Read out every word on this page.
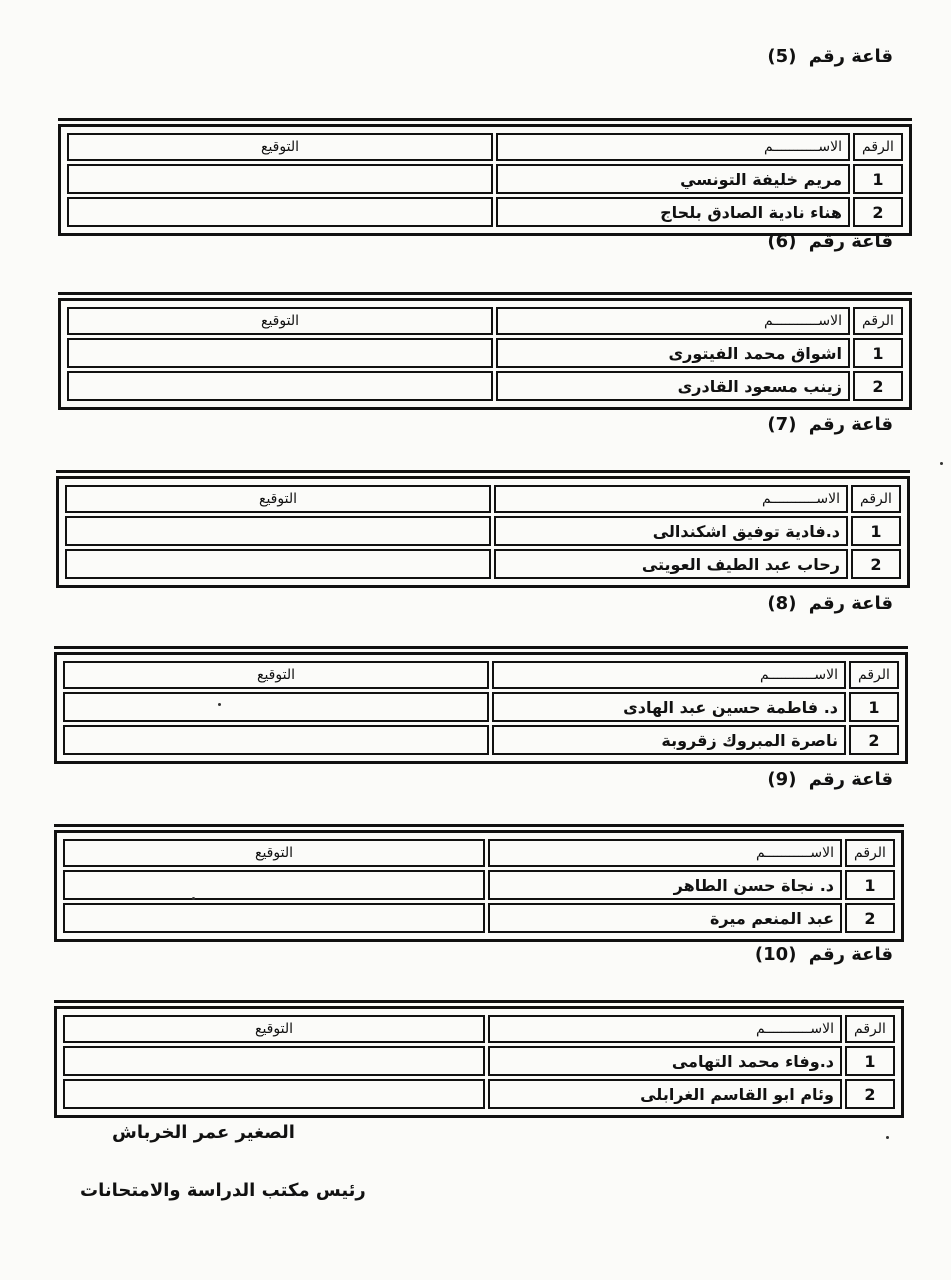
قاعة رقم (5)
الرقم	الاســـــــــــم	التوقيع
1	مريم خليفة التونسي	
2	هناء نادية الصادق بلحاج	
قاعة رقم (6)
الرقم	الاســـــــــــم	التوقيع
1	اشواق محمد الفيتورى	
2	زينب مسعود القادرى	
قاعة رقم (7)
الرقم	الاســـــــــــم	التوقيع
1	د.فادية توفيق اشكندالى	
2	رحاب عبد الطيف العويتى	
قاعة رقم (8)
الرقم	الاســـــــــــم	التوقيع
1	د. فاطمة حسين عبد الهادى	
2	ناصرة المبروك زقروبة	
قاعة رقم (9)
الرقم	الاســـــــــــم	التوقيع
1	د. نجاة حسن الطاهر	
2	عبد المنعم ميرة	
قاعة رقم (10)
الرقم	الاســـــــــــم	التوقيع
1	د.وفاء محمد التهامى	
2	وئام ابو القاسم الغرابلى	
الصغير عمر الخرباش
رئيس مكتب الدراسة والامتحانات
